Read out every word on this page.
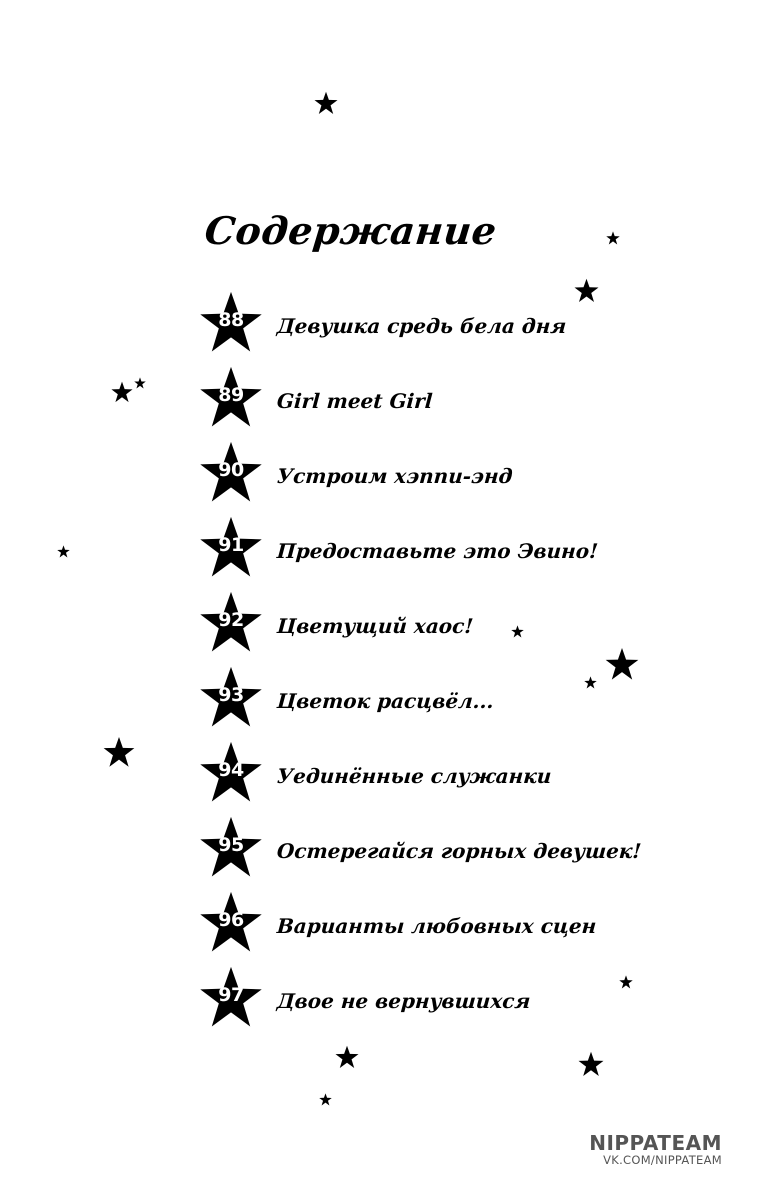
Содержание
88	Девушка средь бела дня
89	Girl meet Girl
90	Устроим хэппи-энд
91	Предоставьте это Эвино!
92	Цветущий хаос!
93	Цветок расцвёл...
94	Уединённые служанки
95	Остерегайся горных девушек!
96	Варианты любовных сцен
97	Двое не вернувшихся
NIPPATEAM
VK.COM/NIPPATEAM
